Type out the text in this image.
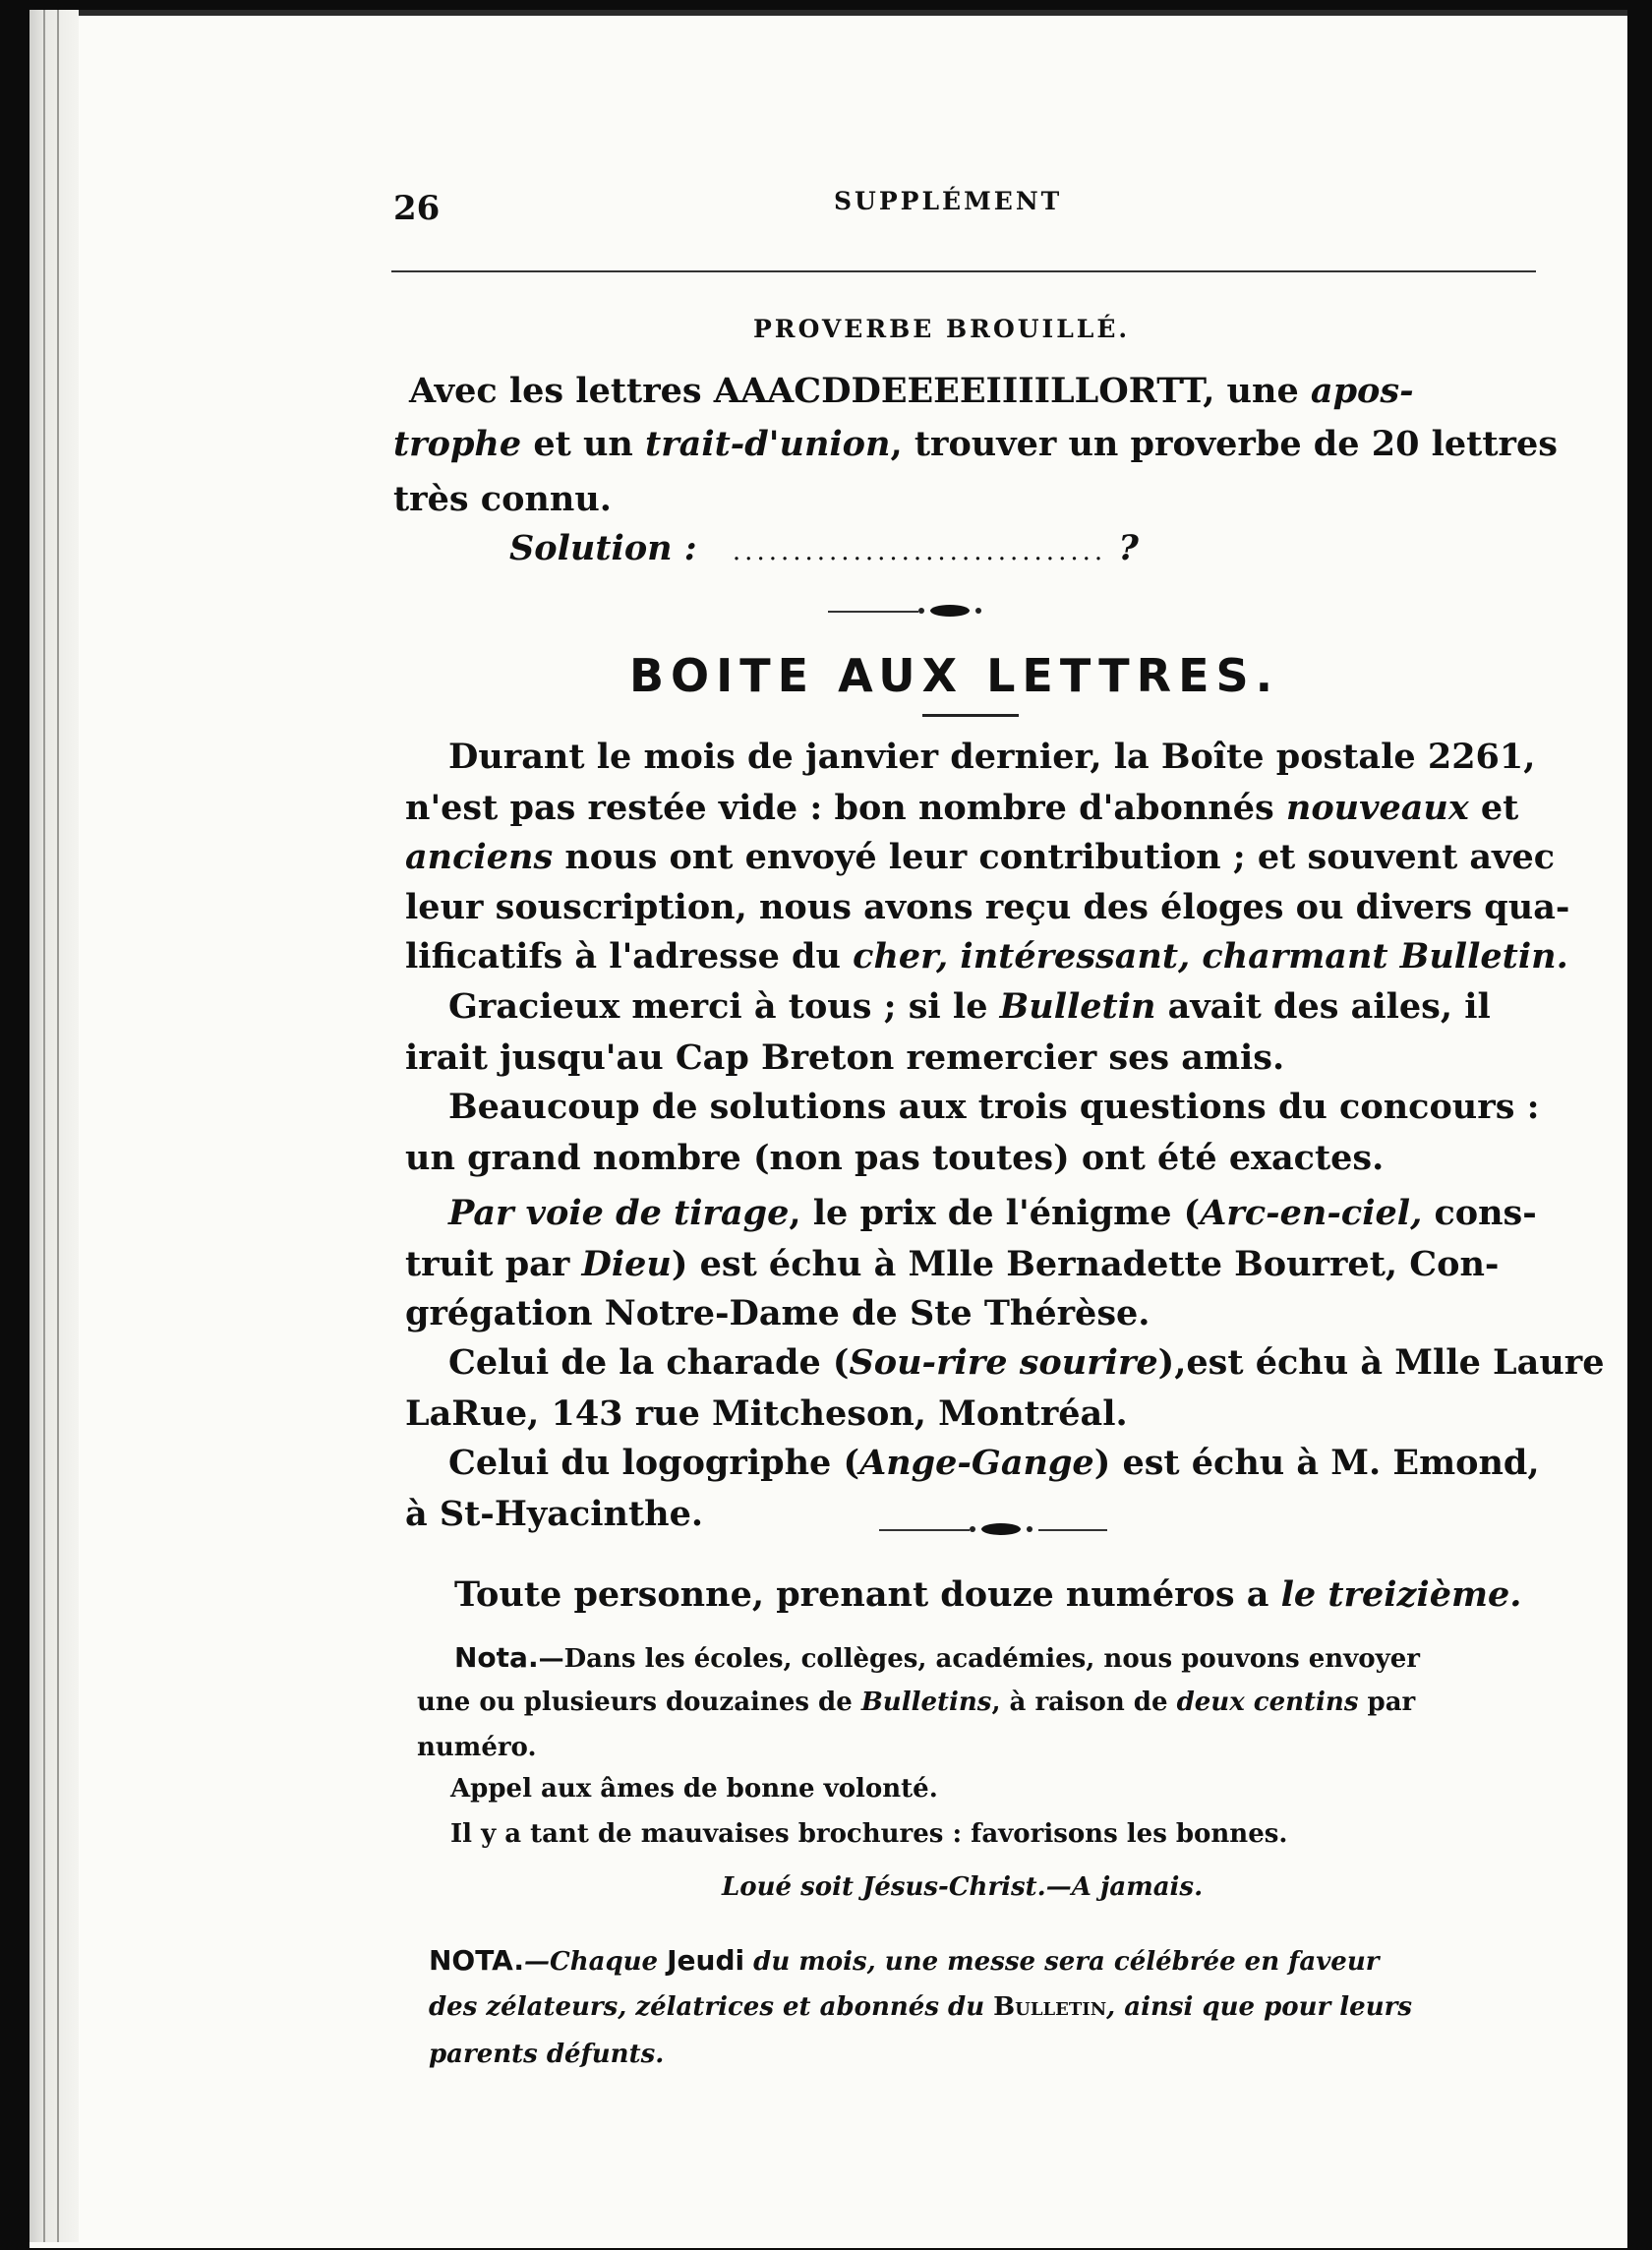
26	SUPPLÉMENT
PROVERBE BROUILLÉ.
Avec les lettres AAACDDEEEEIIIILLORTT, une apos-
trophe et un trait-d'union, trouver un proverbe de 20 lettres
très connu.
Solution : ............................... ?
BOITE AUX LETTRES.
Durant le mois de janvier dernier, la Boîte postale 2261,
n'est pas restée vide : bon nombre d'abonnés nouveaux et
anciens nous ont envoyé leur contribution ; et souvent avec
leur souscription, nous avons reçu des éloges ou divers qua-
lificatifs à l'adresse du cher, intéressant, charmant Bulletin.
Gracieux merci à tous ; si le Bulletin avait des ailes, il
irait jusqu'au Cap Breton remercier ses amis.
Beaucoup de solutions aux trois questions du concours :
un grand nombre (non pas toutes) ont été exactes.
Par voie de tirage, le prix de l'énigme (Arc-en-ciel, cons-
truit par Dieu) est échu à Mlle Bernadette Bourret, Con-
grégation Notre-Dame de Ste Thérèse.
Celui de la charade (Sou-rire sourire),est échu à Mlle Laure
LaRue, 143 rue Mitcheson, Montréal.
Celui du logogriphe (Ange-Gange) est échu à M. Emond,
à St-Hyacinthe.
Toute personne, prenant douze numéros a le treizième.
Nota.—Dans les écoles, collèges, académies, nous pouvons envoyer
une ou plusieurs douzaines de Bulletins, à raison de deux centins par
numéro.
Appel aux âmes de bonne volonté.
Il y a tant de mauvaises brochures : favorisons les bonnes.
Loué soit Jésus-Christ.—A jamais.
NOTA.—Chaque Jeudi du mois, une messe sera célébrée en faveur
des zélateurs, zélatrices et abonnés du Bulletin, ainsi que pour leurs
parents défunts.
